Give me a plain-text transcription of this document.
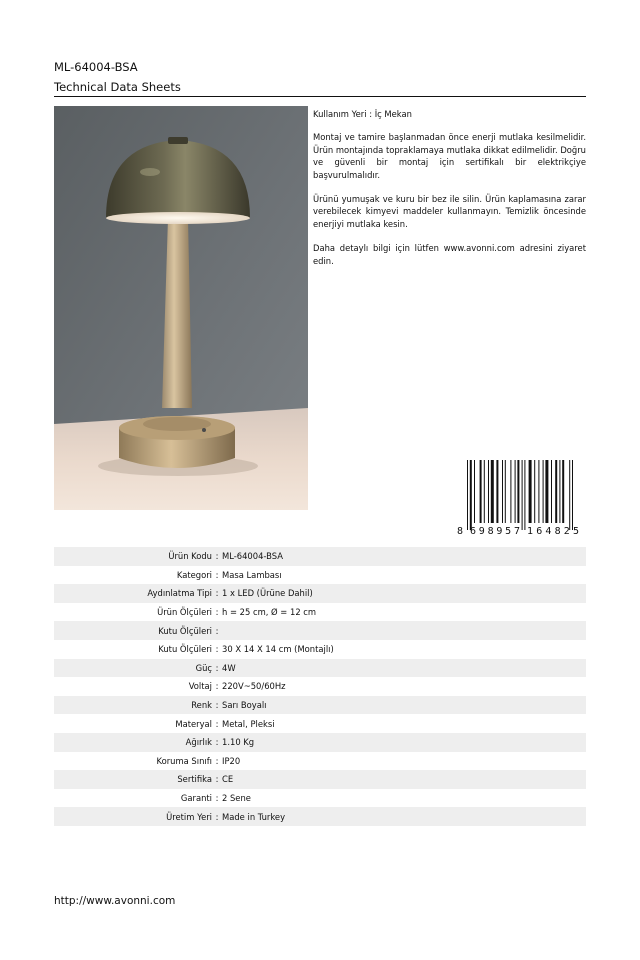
ML-64004-BSA
Technical Data Sheets

Kullanım Yeri : İç Mekan

Montaj ve tamire başlanmadan önce enerji mutlaka kesilmelidir. Ürün montajında topraklamaya mutlaka dikkat edilmelidir. Doğru ve güvenli bir montaj için sertifikalı bir elektrikçiye başvurulmalıdır.

Ürünü yumuşak ve kuru bir bez ile silin. Ürün kaplamasına zarar verebilecek kimyevi maddeler kullanmayın. Temizlik öncesinde enerjiyi mutlaka kesin.

Daha detaylı bilgi için lütfen www.avonni.com adresini ziyaret edin.

8 698957 164825
Ürün Kodu : ML-64004-BSA
Kategori : Masa Lambası
Aydınlatma Tipi : 1 x LED (Ürüne Dahil)
Ürün Ölçüleri : h = 25 cm, Ø = 12 cm
Kutu Ölçüleri :
Kutu Ölçüleri : 30 X 14 X 14 cm (Montajlı)
Güç : 4W
Voltaj : 220V~50/60Hz
Renk : Sarı Boyalı
Materyal : Metal, Pleksi
Ağırlık : 1.10 Kg
Koruma Sınıfı : IP20
Sertifika : CE
Garanti : 2 Sene
Üretim Yeri : Made in Turkey
http://www.avonni.com
